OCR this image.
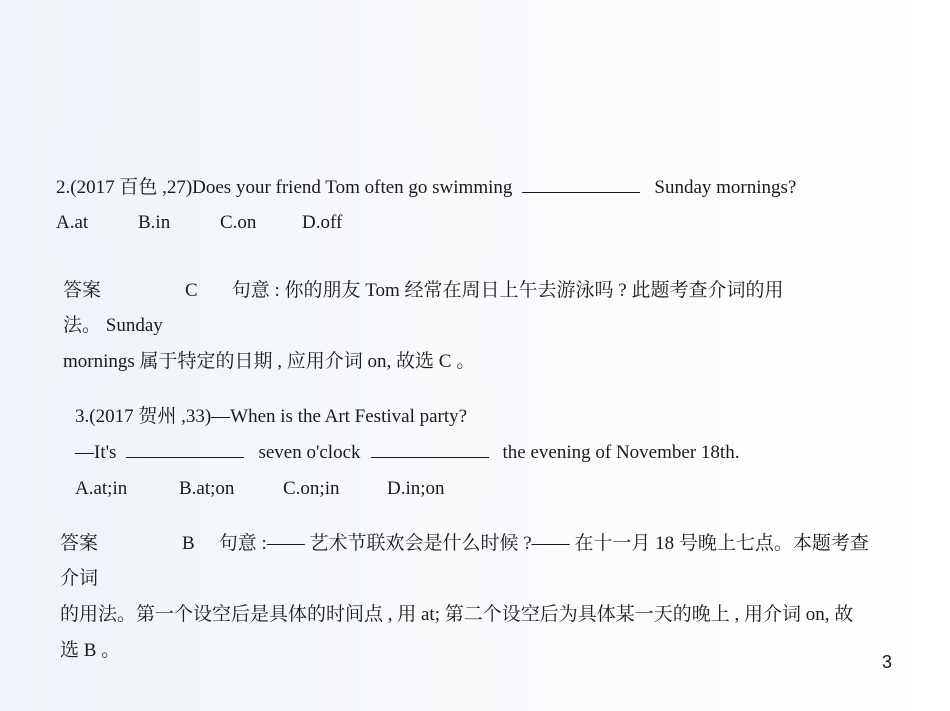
2.(2017 百色 ,27)Does your friend Tom often go swimming	Sunday mornings?
A.at	B.in	C.on D.off
答案	C 句意 : 你的朋友 Tom 经常在周日上午去游泳吗 ? 此题考查介词的用
法。 Sunday
mornings 属于特定的日期 , 应用介词 on, 故选 C 。
3.(2017 贺州 ,33)—When is the Art Festival party?
—It's	seven o'clock	the evening of November 18th.
A.at;in	B.at;on	C.on;in	D.in;on
答案	B 句意 :—— 艺术节联欢会是什么时候 ?—— 在十一月 18 号晚上七点。本题考查
介词
的用法。第一个设空后是具体的时间点 , 用 at; 第二个设空后为具体某一天的晚上 , 用介词 on, 故
选 B 。
3
